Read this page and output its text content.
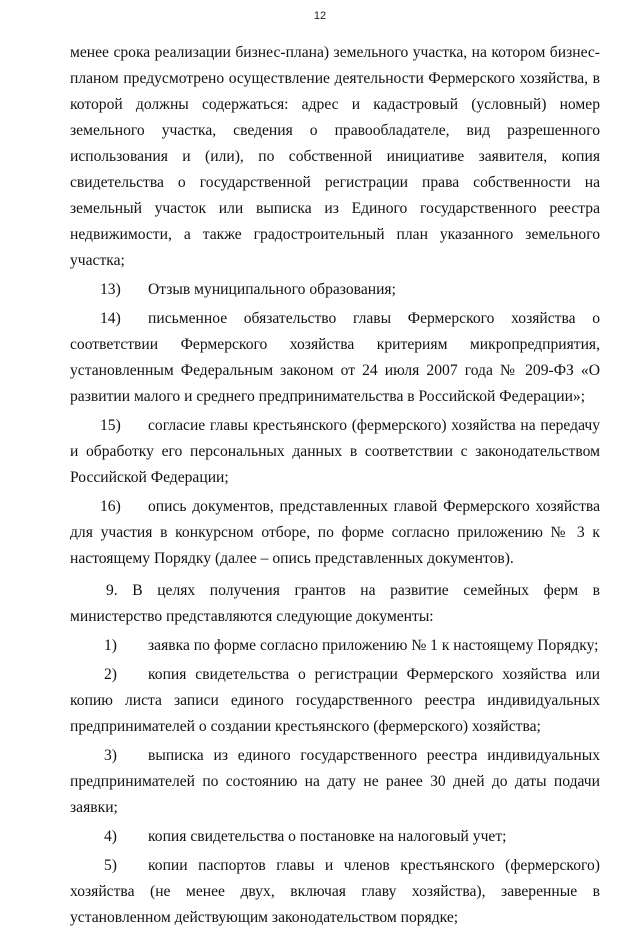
12

менее срока реализации бизнес-плана) земельного участка, на котором бизнес-планом предусмотрено осуществление деятельности Фермерского хозяйства, в которой должны содержаться: адрес и кадастровый (условный) номер земельного участка, сведения о правообладателе, вид разрешенного использования и (или), по собственной инициативе заявителя, копия свидетельства о государственной регистрации права собственности на земельный участок или выписка из Единого государственного реестра недвижимости, а также градостроительный план указанного земельного участка;

13) Отзыв муниципального образования;

14) письменное обязательство главы Фермерского хозяйства о соответствии Фермерского хозяйства критериям микропредприятия, установленным Федеральным законом от 24 июля 2007 года № 209-ФЗ «О развитии малого и среднего предпринимательства в Российской Федерации»;

15) согласие главы крестьянского (фермерского) хозяйства на передачу и обработку его персональных данных в соответствии с законодательством Российской Федерации;

16) опись документов, представленных главой Фермерского хозяйства для участия в конкурсном отборе, по форме согласно приложению № 3 к настоящему Порядку (далее – опись представленных документов).

9. В целях получения грантов на развитие семейных ферм в министерство представляются следующие документы:

1) заявка по форме согласно приложению № 1 к настоящему Порядку;

2) копия свидетельства о регистрации Фермерского хозяйства или копию листа записи единого государственного реестра индивидуальных предпринимателей о создании крестьянского (фермерского) хозяйства;

3) выписка из единого государственного реестра индивидуальных предпринимателей по состоянию на дату не ранее 30 дней до даты подачи заявки;

4) копия свидетельства о постановке на налоговый учет;

5) копии паспортов главы и членов крестьянского (фермерского) хозяйства (не менее двух, включая главу хозяйства), заверенные в установленном действующим законодательством порядке;
